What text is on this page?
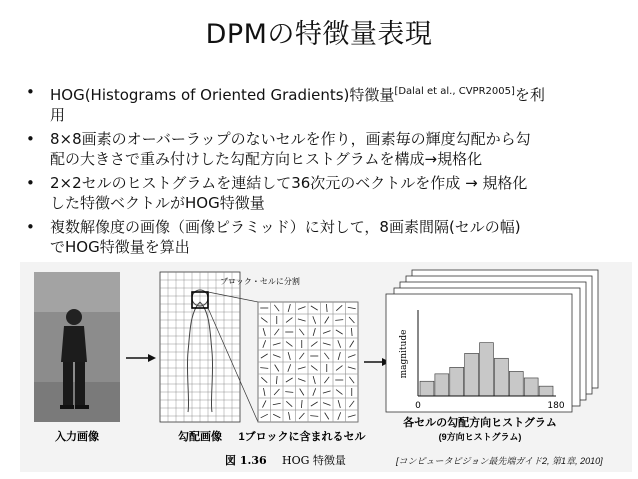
DPMの特徴量表現
• HOG(Histograms of Oriented Gradients)特徴量[Dalal et al., CVPR2005]を利
用
• 8×8画素のオーバーラップのないセルを作り，画素毎の輝度勾配から勾
配の大きさで重み付けした勾配方向ヒストグラムを構成→規格化
• 2×2セルのヒストグラムを連結して36次元のベクトルを作成 → 規格化
した特徴ベクトルがHOG特徴量
• 複数解像度の画像（画像ピラミッド）に対して，8画素間隔(セルの幅)
でHOG特徴量を算出
入力画像
ブロック・セルに分割
勾配画像 1ブロックに含まれるセル
magnitude
0	180
各セルの勾配方向ヒストグラム
(9方向ヒストグラム)
図 1.36 HOG 特徴量	[コンピュータビジョン最先端ガイド2, 第1章, 2010]
